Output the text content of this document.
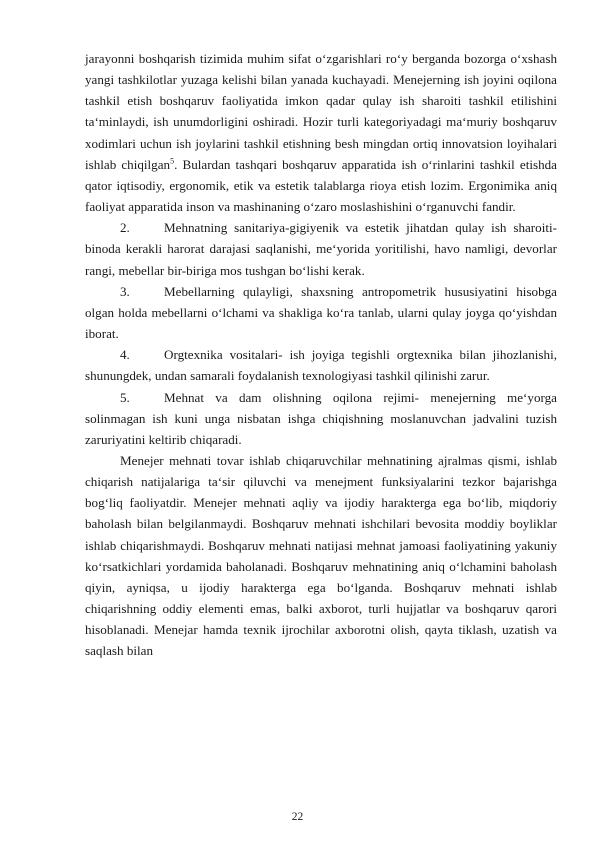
jarayonni boshqarish tizimida muhim sifat o‘zgarishlari ro‘y berganda bozorga o‘xshash yangi tashkilotlar yuzaga kelishi bilan yanada kuchayadi. Menejerning ish joyini oqilona tashkil etish boshqaruv faoliyatida imkon qadar qulay ish sharoiti tashkil etilishini ta‘minlaydi, ish unumdorligini oshiradi. Hozir turli kategoriyadagi ma‘muriy boshqaruv xodimlari uchun ish joylarini tashkil etishning besh mingdan ortiq innovatsion loyihalari ishlab chiqilgan$^5$. Bulardan tashqari boshqaruv apparatida ish o‘rinlarini tashkil etishda qator iqtisodiy, ergonomik, etik va estetik talablarga rioya etish lozim. Ergonimika aniq faoliyat apparatida inson va mashinaning o‘zaro moslashishini o‘rganuvchi fandir.

2.	Mehnatning sanitariya-gigiyenik va estetik jihatdan qulay ish sharoiti-binoda kerakli harorat darajasi saqlanishi, me‘yorida yoritilishi, havo namligi, devorlar rangi, mebellar bir-biriga mos tushgan bo‘lishi kerak.

3.	Mebellarning qulayligi, shaxsning antropometrik hususiyatini hisobga olgan holda mebellarni o‘lchami va shakliga ko‘ra tanlab, ularni qulay joyga qo‘yishdan iborat.

4.	Orgtexnika vositalari- ish joyiga tegishli orgtexnika bilan jihozlanishi, shunungdek, undan samarali foydalanish texnologiyasi tashkil qilinishi zarur.

5.	Mehnat va dam olishning oqilona rejimi- menejerning me‘yorga solinmagan ish kuni unga nisbatan ishga chiqishning moslanuvchan jadvalini tuzish zaruriyatini keltirib chiqaradi.

Menejer mehnati tovar ishlab chiqaruvchilar mehnatining ajralmas qismi, ishlab chiqarish natijalariga ta‘sir qiluvchi va menejment funksiyalarini tezkor bajarishga bog‘liq faoliyatdir. Menejer mehnati aqliy va ijodiy harakterga ega bo‘lib, miqdoriy baholash bilan belgilanmaydi. Boshqaruv mehnati ishchilari bevosita moddiy boyliklar ishlab chiqarishmaydi. Boshqaruv mehnati natijasi mehnat jamoasi faoliyatining yakuniy ko‘rsatkichlari yordamida baholanadi. Boshqaruv mehnatining aniq o‘lchamini baholash qiyin, ayniqsa, u ijodiy harakterga ega bo‘lganda. Boshqaruv mehnati ishlab chiqarishning oddiy elementi emas, balki axborot, turli hujjatlar va boshqaruv qarori hisoblanadi. Menejar hamda texnik ijrochilar axborotni olish, qayta tiklash, uzatish va saqlash bilan

22
